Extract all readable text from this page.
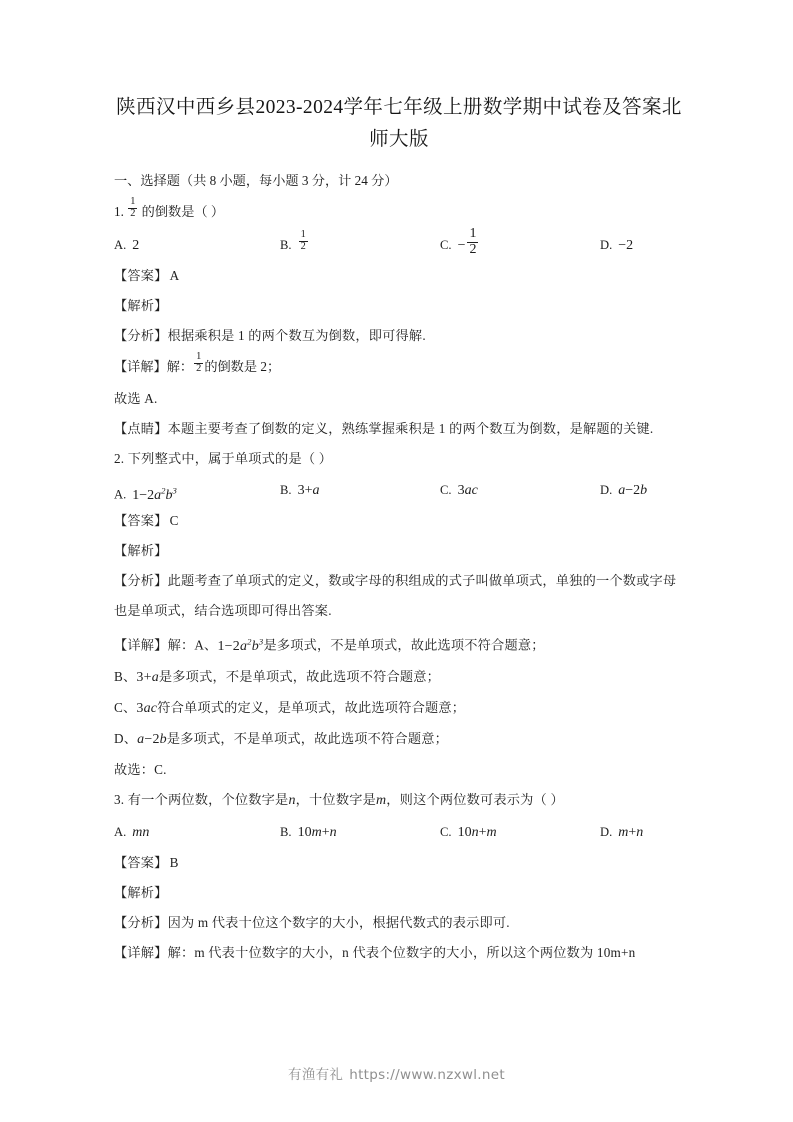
陕西汉中西乡县2023-2024学年七年级上册数学期中试卷及答案北师大版
一、选择题（共 8 小题，每小题 3 分，计 24 分）
1. $\frac{1}{2}$ 的倒数是（ ）
A. 2	B. $\frac{1}{2}$	C. − $\frac{1}{2}$	D. −2
【答案】 A
【解析】
【分析】根据乘积是 1 的两个数互为倒数，即可得解.
【详解】解： $\frac{1}{2}$ 的倒数是 2；
故选 A.
【点睛】本题主要考查了倒数的定义，熟练掌握乘积是 1 的两个数互为倒数，是解题的关键.
2. 下列整式中，属于单项式的是（ ）
A. $1-2a^2b^3$	B. 3+a	C. 3ac	D. a−2b
【答案】 C
【解析】
【分析】此题考查了单项式的定义，数或字母的积组成的式子叫做单项式，单独的一个数或字母也是单项式，结合选项即可得出答案.
【详解】解：A、$1-2a^2b^3$是多项式，不是单项式，故此选项不符合题意；
B、3+a是多项式，不是单项式，故此选项不符合题意；
C、3ac符合单项式的定义，是单项式，故此选项符合题意；
D、a−2b是多项式，不是单项式，故此选项不符合题意；
故选：C.
3. 有一个两位数，个位数字是n，十位数字是m，则这个两位数可表示为（ ）
A. mn	B. 10m+n	C. 10n+m	D. m+n
【答案】 B
【解析】
【分析】因为 m 代表十位这个数字的大小，根据代数式的表示即可.
【详解】解：m 代表十位数字的大小，n 代表个位数字的大小，所以这个两位数为 10m+n
有渔有礼 https://www.nzxwl.net
